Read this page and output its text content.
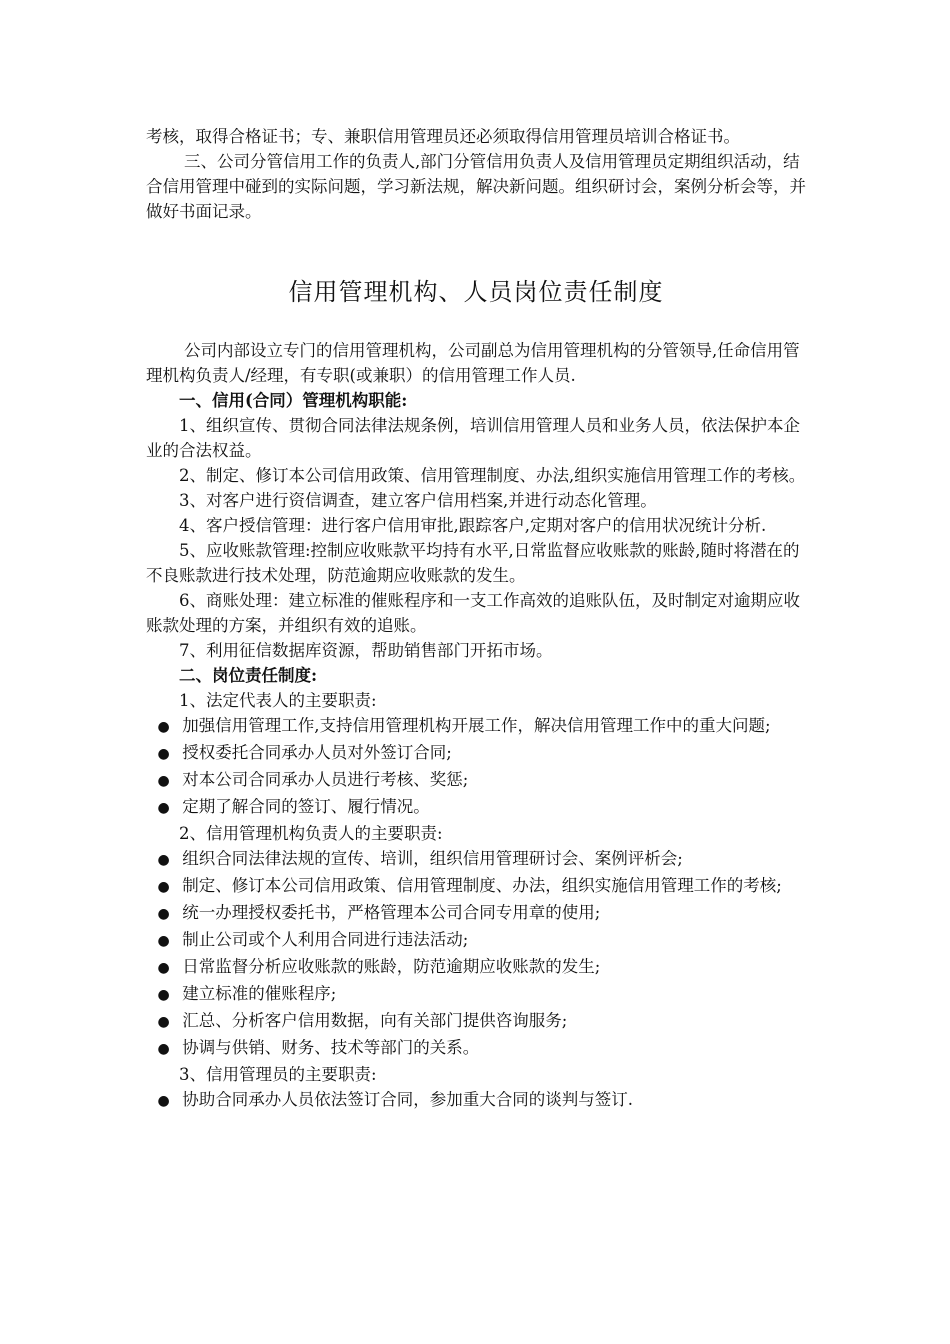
考核，取得合格证书；专、兼职信用管理员还必须取得信用管理员培训合格证书。

三、公司分管信用工作的负责人,部门分管信用负责人及信用管理员定期组织活动，结合信用管理中碰到的实际问题，学习新法规，解决新问题。组织研讨会，案例分析会等，并做好书面记录。

信用管理机构、人员岗位责任制度

公司内部设立专门的信用管理机构，公司副总为信用管理机构的分管领导,任命信用管理机构负责人/经理，有专职(或兼职）的信用管理工作人员.

一、信用(合同）管理机构职能:

1、组织宣传、贯彻合同法律法规条例，培训信用管理人员和业务人员，依法保护本企业的合法权益。

2、制定、修订本公司信用政策、信用管理制度、办法,组织实施信用管理工作的考核。

3、对客户进行资信调查，建立客户信用档案,并进行动态化管理。

4、客户授信管理：进行客户信用审批,跟踪客户,定期对客户的信用状况统计分析.

5、应收账款管理:控制应收账款平均持有水平,日常监督应收账款的账龄,随时将潜在的不良账款进行技术处理，防范逾期应收账款的发生。

6、商账处理：建立标准的催账程序和一支工作高效的追账队伍，及时制定对逾期应收账款处理的方案，并组织有效的追账。

7、利用征信数据库资源，帮助销售部门开拓市场。

二、岗位责任制度:

1、法定代表人的主要职责:

加强信用管理工作,支持信用管理机构开展工作，解决信用管理工作中的重大问题;

授权委托合同承办人员对外签订合同;

对本公司合同承办人员进行考核、奖惩;

定期了解合同的签订、履行情况。

2、信用管理机构负责人的主要职责:

组织合同法律法规的宣传、培训，组织信用管理研讨会、案例评析会;

制定、修订本公司信用政策、信用管理制度、办法，组织实施信用管理工作的考核;

统一办理授权委托书，严格管理本公司合同专用章的使用;

制止公司或个人利用合同进行违法活动;

日常监督分析应收账款的账龄，防范逾期应收账款的发生;

建立标准的催账程序;

汇总、分析客户信用数据，向有关部门提供咨询服务;

协调与供销、财务、技术等部门的关系。

3、信用管理员的主要职责:

协助合同承办人员依法签订合同，参加重大合同的谈判与签订.
